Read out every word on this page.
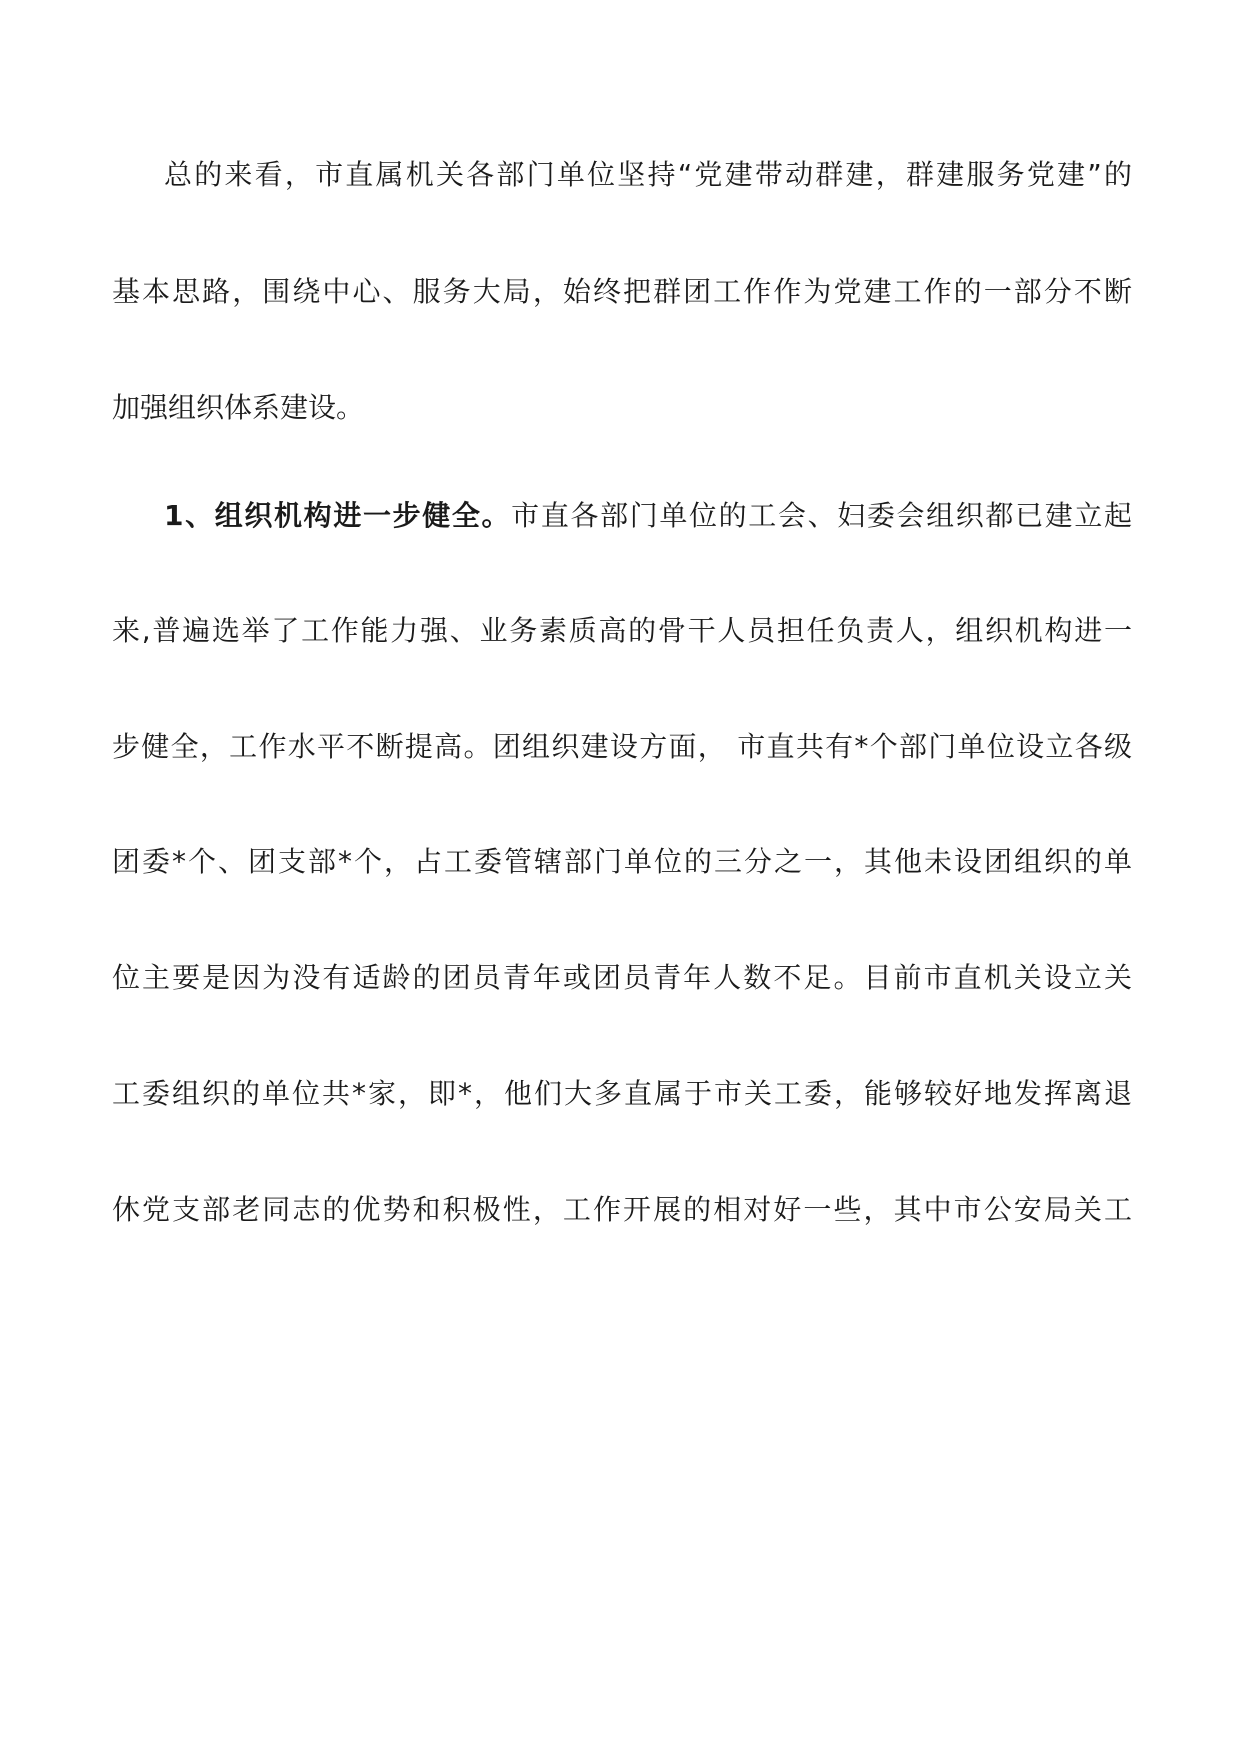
总的来看，市直属机关各部门单位坚持“党建带动群建，群建服务党建”的
基本思路，围绕中心、服务大局，始终把群团工作作为党建工作的一部分不断
加强组织体系建设。
1、组织机构进一步健全。市直各部门单位的工会、妇委会组织都已建立起
来,普遍选举了工作能力强、业务素质高的骨干人员担任负责人，组织机构进一
步健全，工作水平不断提高。团组织建设方面， 市直共有*个部门单位设立各级
团委*个、团支部*个，占工委管辖部门单位的三分之一，其他未设团组织的单
位主要是因为没有适龄的团员青年或团员青年人数不足。目前市直机关设立关
工委组织的单位共*家，即*，他们大多直属于市关工委，能够较好地发挥离退
休党支部老同志的优势和积极性，工作开展的相对好一些，其中市公安局关工
